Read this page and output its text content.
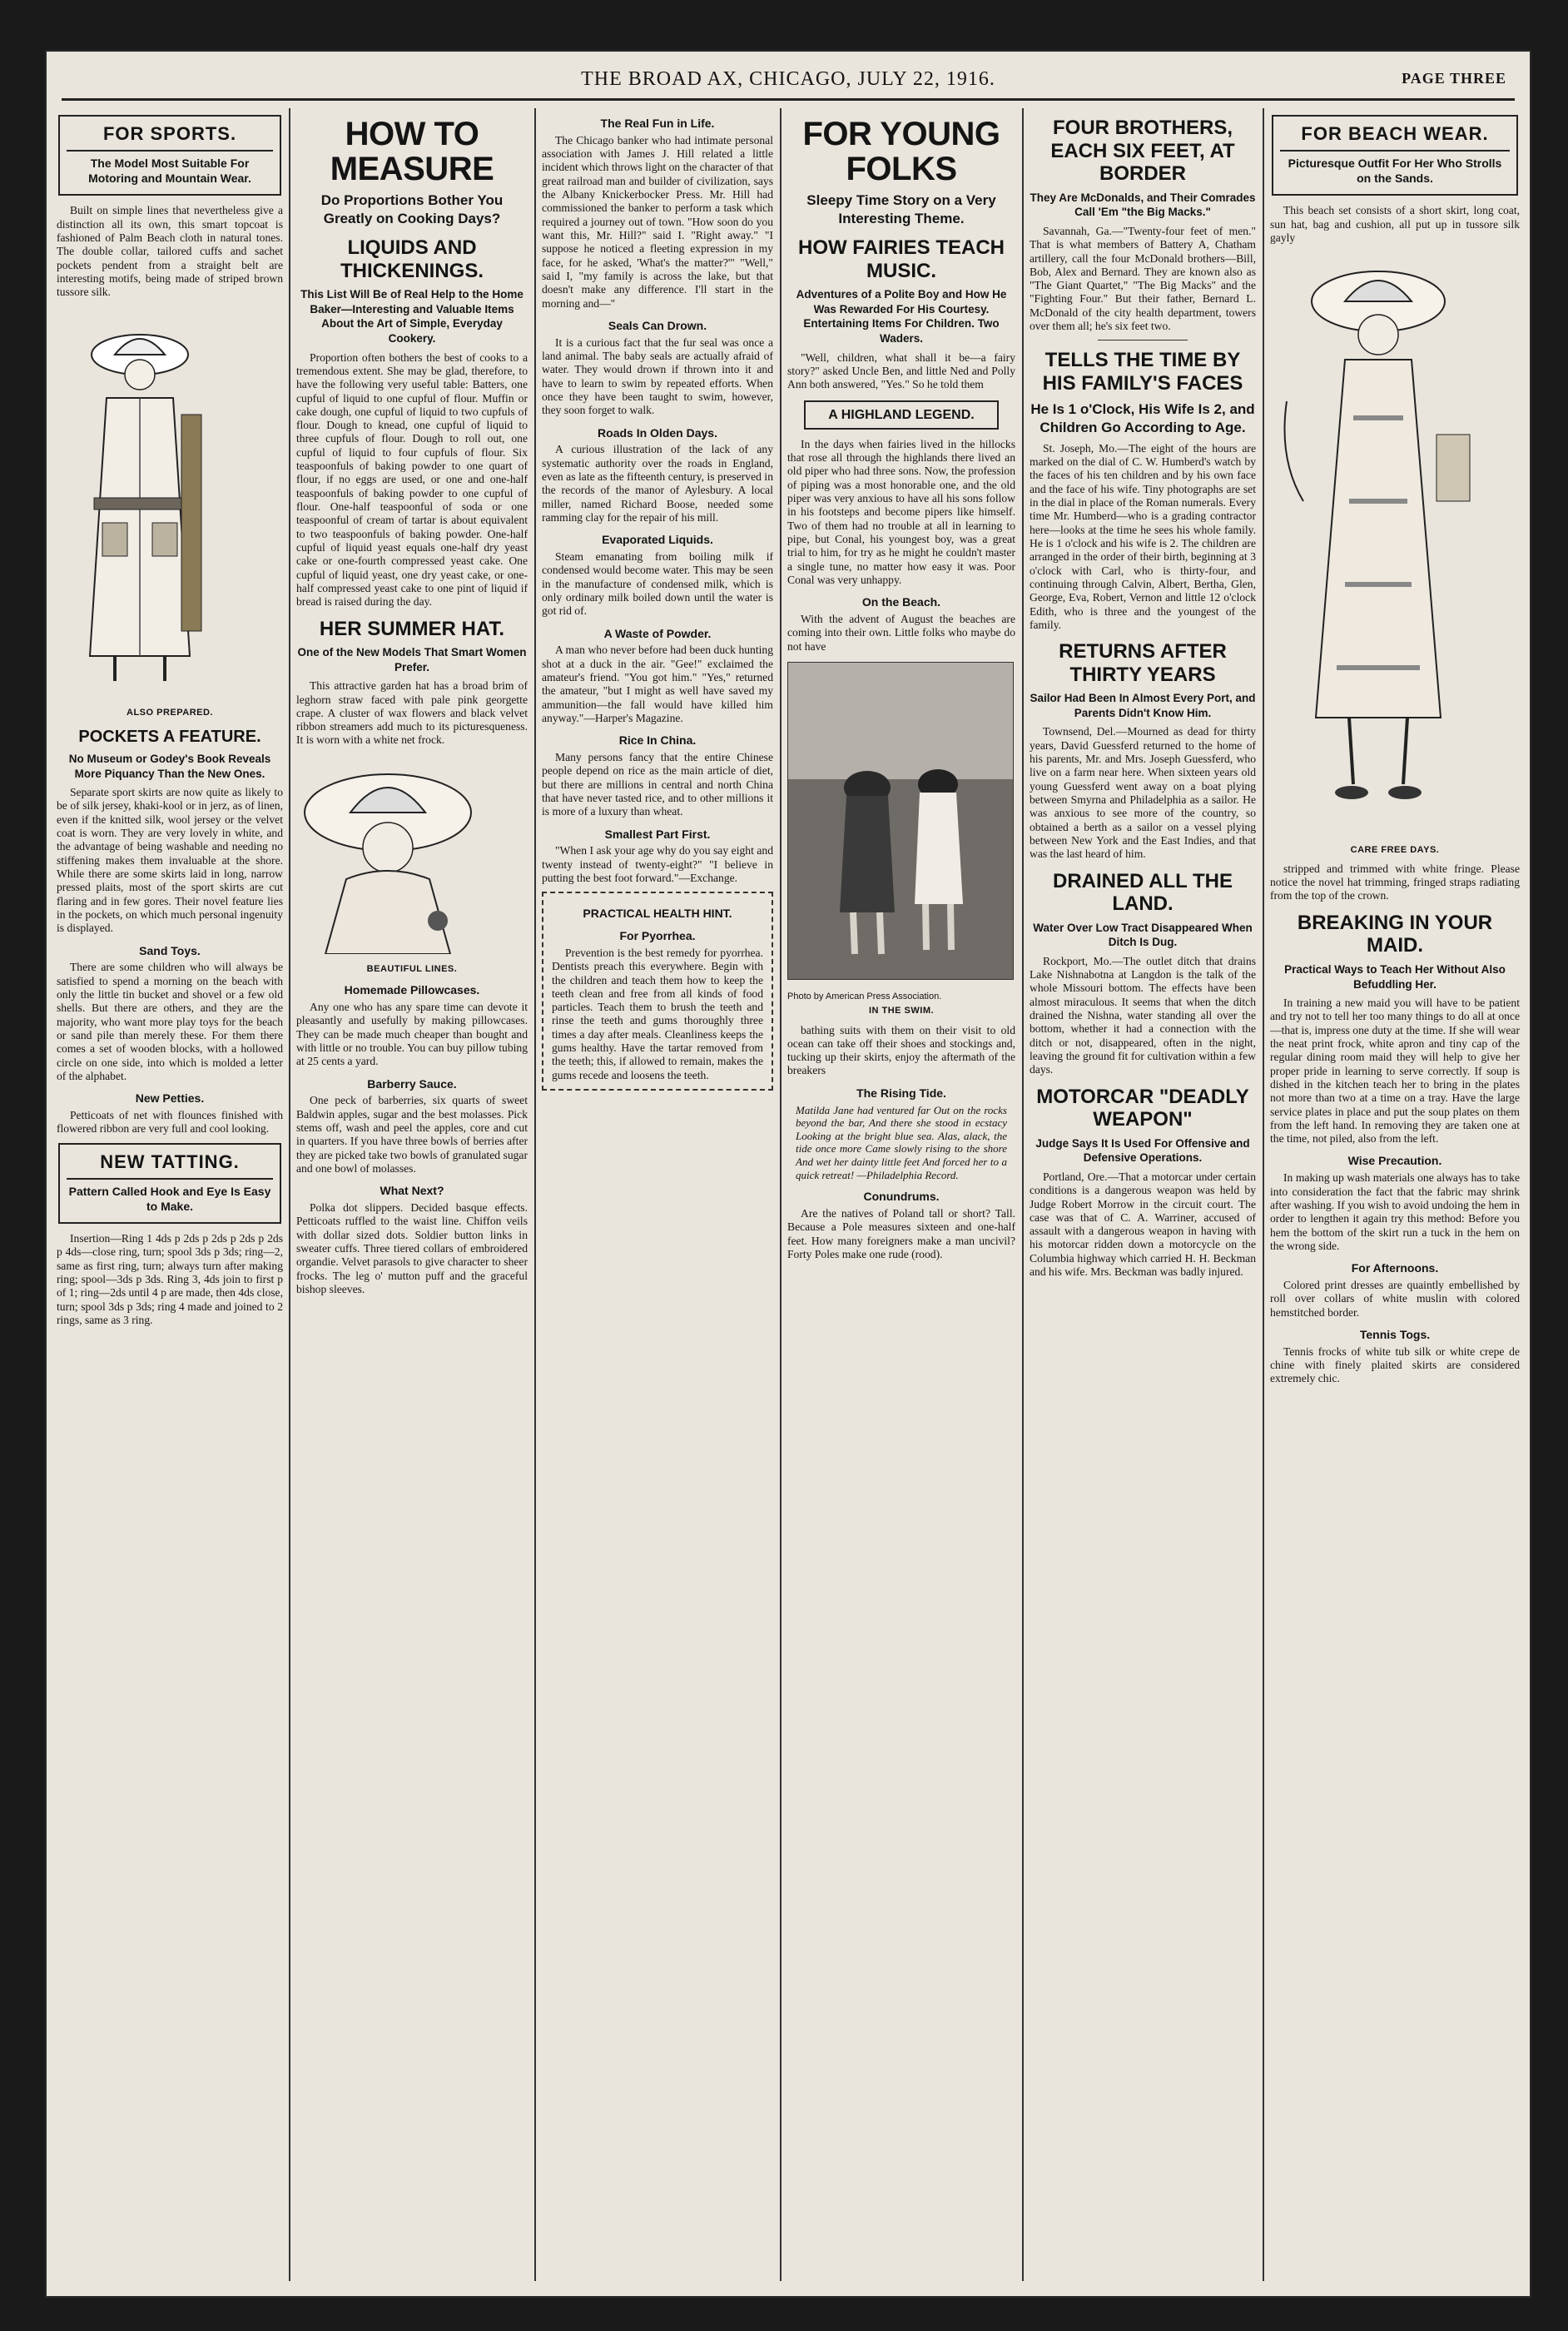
THE BROAD AX, CHICAGO, JULY 22, 1916.	PAGE THREE
FOR SPORTS.
The Model Most Suitable For Motoring and Mountain Wear.

Built on simple lines that nevertheless give a distinction all its own, this smart topcoat is fashioned of Palm Beach cloth in natural tones. The double collar, tailored cuffs and sachet pockets pendent from a straight belt are interesting motifs, being made of striped brown tussore silk.

ALSO PREPARED.
POCKETS A FEATURE.
No Museum or Godey's Book Reveals More Piquancy Than the New Ones.

Separate sport skirts are now quite as likely to be of silk jersey, khaki-kool or in jerz, as of linen, even if the knitted silk, wool jersey or the velvet coat is worn. They are very lovely in white, and the advantage of being washable and needing no stiffening makes them invaluable at the shore. While there are some skirts laid in long, narrow pressed plaits, most of the sport skirts are cut flaring and in few gores. Their novel feature lies in the pockets, on which much personal ingenuity is displayed.

Sand Toys.

There are some children who will always be satisfied to spend a morning on the beach with only the little tin bucket and shovel or a few old shells. But there are others, and they are the majority, who want more play toys for the beach or sand pile than merely these. For them there comes a set of wooden blocks, with a hollowed circle on one side, into which is molded a letter of the alphabet.

New Petties.

Petticoats of net with flounces finished with flowered ribbon are very full and cool looking.

NEW TATTING.
Pattern Called Hook and Eye Is Easy to Make.

Insertion—Ring 1 4ds p 2ds p 2ds p 2ds p 2ds p 4ds—close ring, turn; spool 3ds p 3ds; ring—2, same as first ring, turn; always turn after making ring; spool—3ds p 3ds. Ring 3, 4ds join to first p of 1; ring—2ds until 4 p are made, then 4ds close, turn; spool 3ds p 3ds; ring 4 made and joined to 2 rings, same as 3 ring.

HOW TO MEASURE
Do Proportions Bother You Greatly on Cooking Days?
LIQUIDS AND THICKENINGS.
This List Will Be of Real Help to the Home Baker—Interesting and Valuable Items About the Art of Simple, Everyday Cookery.

Proportion often bothers the best of cooks to a tremendous extent. She may be glad, therefore, to have the following very useful table: Batters, one cupful of liquid to one cupful of flour. Muffin or cake dough, one cupful of liquid to two cupfuls of flour. Dough to knead, one cupful of liquid to three cupfuls of flour. Dough to roll out, one cupful of liquid to four cupfuls of flour. Six teaspoonfuls of baking powder to one quart of flour, if no eggs are used, or one and one-half teaspoonfuls of baking powder to one cupful of flour. One-half teaspoonful of soda or one teaspoonful of cream of tartar is about equivalent to two teaspoonfuls of baking powder. One-half cupful of liquid yeast equals one-half dry yeast cake or one-fourth compressed yeast cake. One cupful of liquid yeast, one dry yeast cake, or one-half compressed yeast cake to one pint of liquid if bread is raised during the day.

HER SUMMER HAT.
One of the New Models That Smart Women Prefer.

This attractive garden hat has a broad brim of leghorn straw faced with pale pink georgette crape. A cluster of wax flowers and black velvet ribbon streamers add much to its picturesqueness. It is worn with a white net frock.

BEAUTIFUL LINES.
Homemade Pillowcases.

Any one who has any spare time can devote it pleasantly and usefully by making pillowcases. They can be made much cheaper than bought and with little or no trouble. You can buy pillow tubing at 25 cents a yard.

Barberry Sauce.

One peck of barberries, six quarts of sweet Baldwin apples, sugar and the best molasses. Pick stems off, wash and peel the apples, core and cut in quarters. If you have three bowls of berries after they are picked take two bowls of granulated sugar and one bowl of molasses.

What Next?

Polka dot slippers. Decided basque effects. Petticoats ruffled to the waist line. Chiffon veils with dollar sized dots. Soldier button links in sweater cuffs. Three tiered collars of embroidered organdie. Velvet parasols to give character to sheer frocks. The leg o' mutton puff and the graceful bishop sleeves.

The Real Fun in Life.

The Chicago banker who had intimate personal association with James J. Hill related a little incident which throws light on the character of that great railroad man and builder of civilization, says the Albany Knickerbocker Press. Mr. Hill had commissioned the banker to perform a task which required a journey out of town. "How soon do you want this, Mr. Hill?" said I. "Right away." "I suppose he noticed a fleeting expression in my face, for he asked, 'What's the matter?'" "Well," said I, "my family is across the lake, but that doesn't make any difference. I'll start in the morning and—"

Seals Can Drown.

It is a curious fact that the fur seal was once a land animal. The baby seals are actually afraid of water. They would drown if thrown into it and have to learn to swim by repeated efforts. When once they have been taught to swim, however, they soon forget to walk.

Roads In Olden Days.

A curious illustration of the lack of any systematic authority over the roads in England, even as late as the fifteenth century, is preserved in the records of the manor of Aylesbury. A local miller, named Richard Boose, needed some ramming clay for the repair of his mill.

Evaporated Liquids.

Steam emanating from boiling milk if condensed would become water. This may be seen in the manufacture of condensed milk, which is only ordinary milk boiled down until the water is got rid of.

A Waste of Powder.

A man who never before had been duck hunting shot at a duck in the air. "Gee!" exclaimed the amateur's friend. "You got him." "Yes," returned the amateur, "but I might as well have saved my ammunition—the fall would have killed him anyway."—Harper's Magazine.

Rice In China.

Many persons fancy that the entire Chinese people depend on rice as the main article of diet, but there are millions in central and north China that have never tasted rice, and to other millions it is more of a luxury than wheat.

Smallest Part First.

"When I ask your age why do you say eight and twenty instead of twenty-eight?" "I believe in putting the best foot forward."—Exchange.

PRACTICAL HEALTH HINT.
For Pyorrhea.

Prevention is the best remedy for pyorrhea. Dentists preach this everywhere. Begin with the children and teach them how to keep the teeth clean and free from all kinds of food particles. Teach them to brush the teeth and rinse the teeth and gums thoroughly three times a day after meals. Cleanliness keeps the gums healthy. Have the tartar removed from the teeth; this, if allowed to remain, makes the gums recede and loosens the teeth.

FOR YOUNG FOLKS
Sleepy Time Story on a Very Interesting Theme.
HOW FAIRIES TEACH MUSIC.
Adventures of a Polite Boy and How He Was Rewarded For His Courtesy. Entertaining Items For Children. Two Waders.

"Well, children, what shall it be—a fairy story?" asked Uncle Ben, and little Ned and Polly Ann both answered, "Yes." So he told them

A HIGHLAND LEGEND.

In the days when fairies lived in the hillocks that rose all through the highlands there lived an old piper who had three sons. Now, the profession of piping was a most honorable one, and the old piper was very anxious to have all his sons follow in his footsteps and become pipers like himself. Two of them had no trouble at all in learning to pipe, but Conal, his youngest boy, was a great trial to him, for try as he might he couldn't master a single tune, no matter how easy it was. Poor Conal was very unhappy.

On the Beach.

With the advent of August the beaches are coming into their own. Little folks who maybe do not have

Photo by American Press Association.
IN THE SWIM.

bathing suits with them on their visit to old ocean can take off their shoes and stockings and, tucking up their skirts, enjoy the aftermath of the breakers

The Rising Tide.

Matilda Jane had ventured far Out on the rocks beyond the bar, And there she stood in ecstacy Looking at the bright blue sea. Alas, alack, the tide once more Came slowly rising to the shore And wet her dainty little feet And forced her to a quick retreat! —Philadelphia Record.

Conundrums.

Are the natives of Poland tall or short? Tall. Because a Pole measures sixteen and one-half feet. How many foreigners make a man uncivil? Forty Poles make one rude (rood).

FOUR BROTHERS, EACH SIX FEET, AT BORDER
They Are McDonalds, and Their Comrades Call 'Em "the Big Macks."

Savannah, Ga.—"Twenty-four feet of men." That is what members of Battery A, Chatham artillery, call the four McDonald brothers—Bill, Bob, Alex and Bernard. They are known also as "The Giant Quartet," "The Big Macks" and the "Fighting Four." But their father, Bernard L. McDonald of the city health department, towers over them all; he's six feet two.

TELLS THE TIME BY HIS FAMILY'S FACES
He Is 1 o'Clock, His Wife Is 2, and Children Go According to Age.

St. Joseph, Mo.—The eight of the hours are marked on the dial of C. W. Humberd's watch by the faces of his ten children and by his own face and the face of his wife. Tiny photographs are set in the dial in place of the Roman numerals. Every time Mr. Humberd—who is a grading contractor here—looks at the time he sees his whole family. He is 1 o'clock and his wife is 2. The children are arranged in the order of their birth, beginning at 3 o'clock with Carl, who is thirty-four, and continuing through Calvin, Albert, Bertha, Glen, George, Eva, Robert, Vernon and little 12 o'clock Edith, who is three and the youngest of the family.

RETURNS AFTER THIRTY YEARS
Sailor Had Been In Almost Every Port, and Parents Didn't Know Him.

Townsend, Del.—Mourned as dead for thirty years, David Guessferd returned to the home of his parents, Mr. and Mrs. Joseph Guessferd, who live on a farm near here. When sixteen years old young Guessferd went away on a boat plying between Smyrna and Philadelphia as a sailor. He was anxious to see more of the country, so obtained a berth as a sailor on a vessel plying between New York and the East Indies, and that was the last heard of him.

DRAINED ALL THE LAND.
Water Over Low Tract Disappeared When Ditch Is Dug.

Rockport, Mo.—The outlet ditch that drains Lake Nishnabotna at Langdon is the talk of the whole Missouri bottom. The effects have been almost miraculous. It seems that when the ditch drained the Nishna, water standing all over the bottom, whether it had a connection with the ditch or not, disappeared, often in the night, leaving the ground fit for cultivation within a few days.

MOTORCAR "DEADLY WEAPON"
Judge Says It Is Used For Offensive and Defensive Operations.

Portland, Ore.—That a motorcar under certain conditions is a dangerous weapon was held by Judge Robert Morrow in the circuit court. The case was that of C. A. Warriner, accused of assault with a dangerous weapon in having with his motorcar ridden down a motorcycle on the Columbia highway which carried H. H. Beckman and his wife. Mrs. Beckman was badly injured.

FOR BEACH WEAR.
Picturesque Outfit For Her Who Strolls on the Sands.

This beach set consists of a short skirt, long coat, sun hat, bag and cushion, all put up in tussore silk gayly

CARE FREE DAYS.

stripped and trimmed with white fringe. Please notice the novel hat trimming, fringed straps radiating from the top of the crown.

BREAKING IN YOUR MAID.
Practical Ways to Teach Her Without Also Befuddling Her.

In training a new maid you will have to be patient and try not to tell her too many things to do all at once—that is, impress one duty at the time. If she will wear the neat print frock, white apron and tiny cap of the regular dining room maid they will help to give her proper pride in learning to serve correctly. If soup is dished in the kitchen teach her to bring in the plates not more than two at a time on a tray. Have the large service plates in place and put the soup plates on them from the left hand. In removing they are taken one at the time, not piled, also from the left.

Wise Precaution.

In making up wash materials one always has to take into consideration the fact that the fabric may shrink after washing. If you wish to avoid undoing the hem in order to lengthen it again try this method: Before you hem the bottom of the skirt run a tuck in the hem on the wrong side.

For Afternoons.

Colored print dresses are quaintly embellished by roll over collars of white muslin with colored hemstitched border.

Tennis Togs.

Tennis frocks of white tub silk or white crepe de chine with finely plaited skirts are considered extremely chic.
